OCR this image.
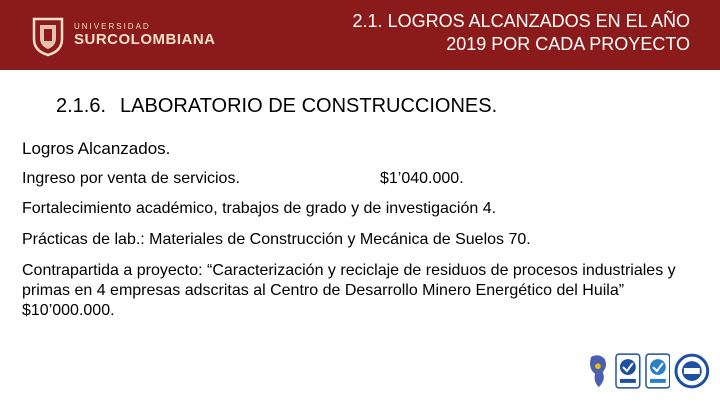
UNIVERSIDAD
SURCOLOMBIANA
2.1. LOGROS ALCANZADOS EN EL AÑO
2019 POR CADA PROYECTO
2.1.6. LABORATORIO DE CONSTRUCCIONES.
Logros Alcanzados.
Ingreso por venta de servicios.	$1’040.000.
Fortalecimiento académico, trabajos de grado y de investigación 4.
Prácticas de lab.: Materiales de Construcción y Mecánica de Suelos 70.
Contrapartida a proyecto: “Caracterización y reciclaje de residuos de procesos industriales y primas en 4 empresas adscritas al Centro de Desarrollo Minero Energético del Huila” $10’000.000.
